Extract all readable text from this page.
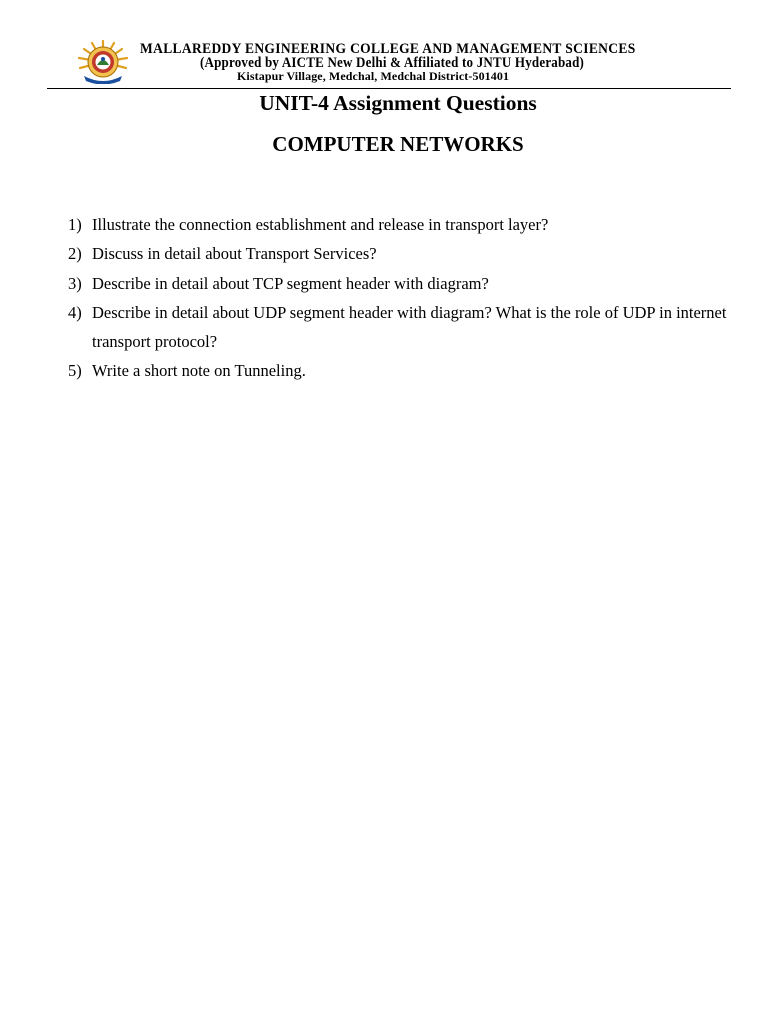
MALLAREDDY ENGINEERING COLLEGE AND MANAGEMENT SCIENCES
(Approved by AICTE New Delhi & Affiliated to JNTU Hyderabad)
Kistapur Village, Medchal, Medchal District-501401
UNIT-4 Assignment Questions
COMPUTER NETWORKS
1) Illustrate the connection establishment and release in transport layer?
2) Discuss in detail about Transport Services?
3) Describe in detail about TCP segment header with diagram?
4) Describe in detail about UDP segment header with diagram? What is the role of UDP in internet transport protocol?
5) Write a short note on Tunneling.
